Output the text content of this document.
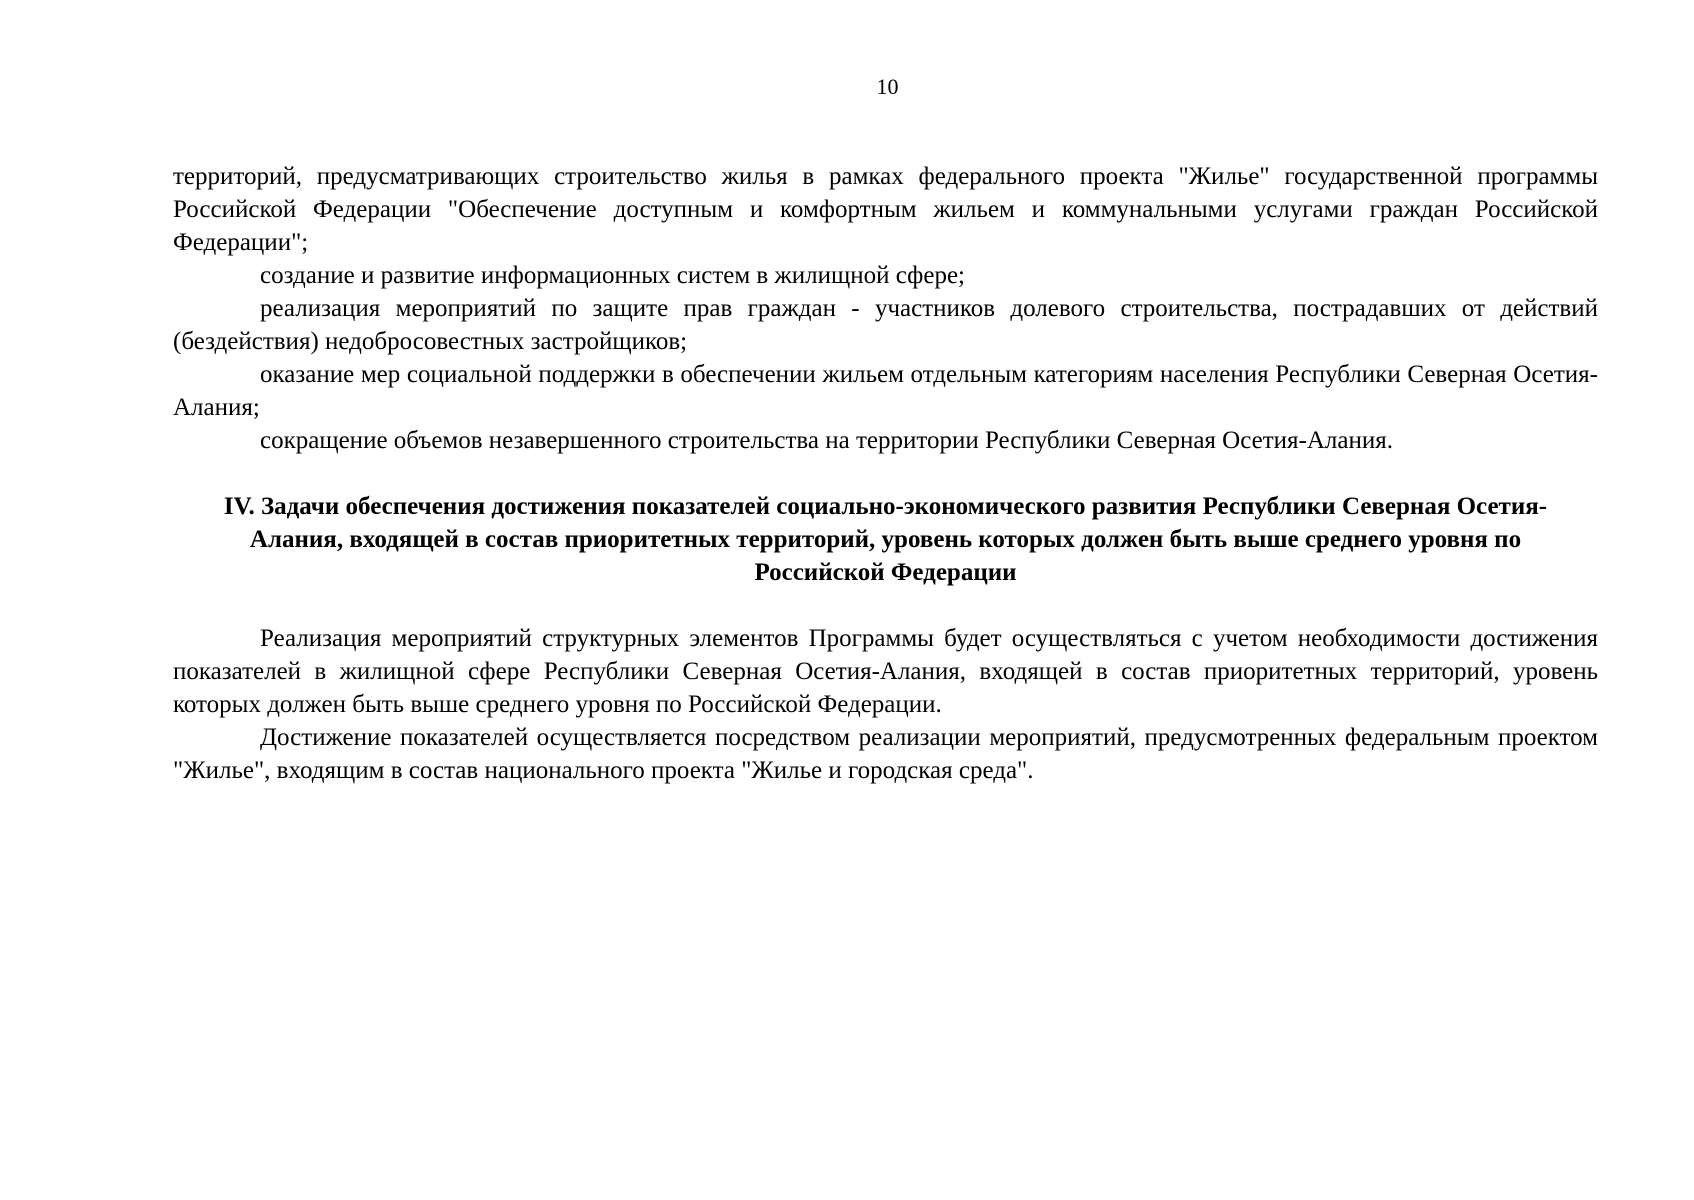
10

территорий, предусматривающих строительство жилья в рамках федерального проекта "Жилье" государственной программы Российской Федерации "Обеспечение доступным и комфортным жильем и коммунальными услугами граждан Российской Федерации";

создание и развитие информационных систем в жилищной сфере;

реализация мероприятий по защите прав граждан - участников долевого строительства, пострадавших от действий (бездействия) недобросовестных застройщиков;

оказание мер социальной поддержки в обеспечении жильем отдельным категориям населения Республики Северная Осетия-Алания;

сокращение объемов незавершенного строительства на территории Республики Северная Осетия-Алания.

IV. Задачи обеспечения достижения показателей социально-экономического развития Республики Северная Осетия-Алания, входящей в состав приоритетных территорий, уровень которых должен быть выше среднего уровня по Российской Федерации

Реализация мероприятий структурных элементов Программы будет осуществляться с учетом необходимости достижения показателей в жилищной сфере Республики Северная Осетия-Алания, входящей в состав приоритетных территорий, уровень которых должен быть выше среднего уровня по Российской Федерации.

Достижение показателей осуществляется посредством реализации мероприятий, предусмотренных федеральным проектом "Жилье", входящим в состав национального проекта "Жилье и городская среда".
